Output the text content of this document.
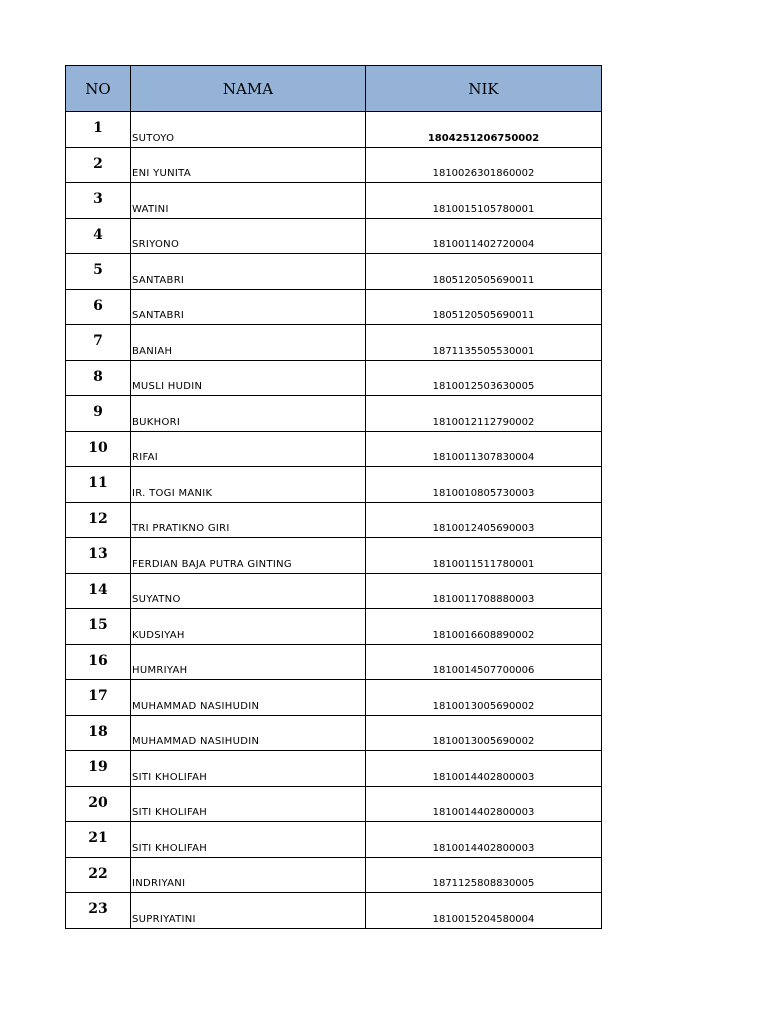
NO	NAMA	NIK
1	SUTOYO	1804251206750002
2	ENI YUNITA	1810026301860002
3	WATINI	1810015105780001
4	SRIYONO	1810011402720004
5	SANTABRI	1805120505690011
6	SANTABRI	1805120505690011
7	BANIAH	1871135505530001
8	MUSLI HUDIN	1810012503630005
9	BUKHORI	1810012112790002
10	RIFAI	1810011307830004
11	IR. TOGI MANIK	1810010805730003
12	TRI PRATIKNO GIRI	1810012405690003
13	FERDIAN BAJA PUTRA GINTING	1810011511780001
14	SUYATNO	1810011708880003
15	KUDSIYAH	1810016608890002
16	HUMRIYAH	1810014507700006
17	MUHAMMAD NASIHUDIN	1810013005690002
18	MUHAMMAD NASIHUDIN	1810013005690002
19	SITI KHOLIFAH	1810014402800003
20	SITI KHOLIFAH	1810014402800003
21	SITI KHOLIFAH	1810014402800003
22	INDRIYANI	1871125808830005
23	SUPRIYATINI	1810015204580004
